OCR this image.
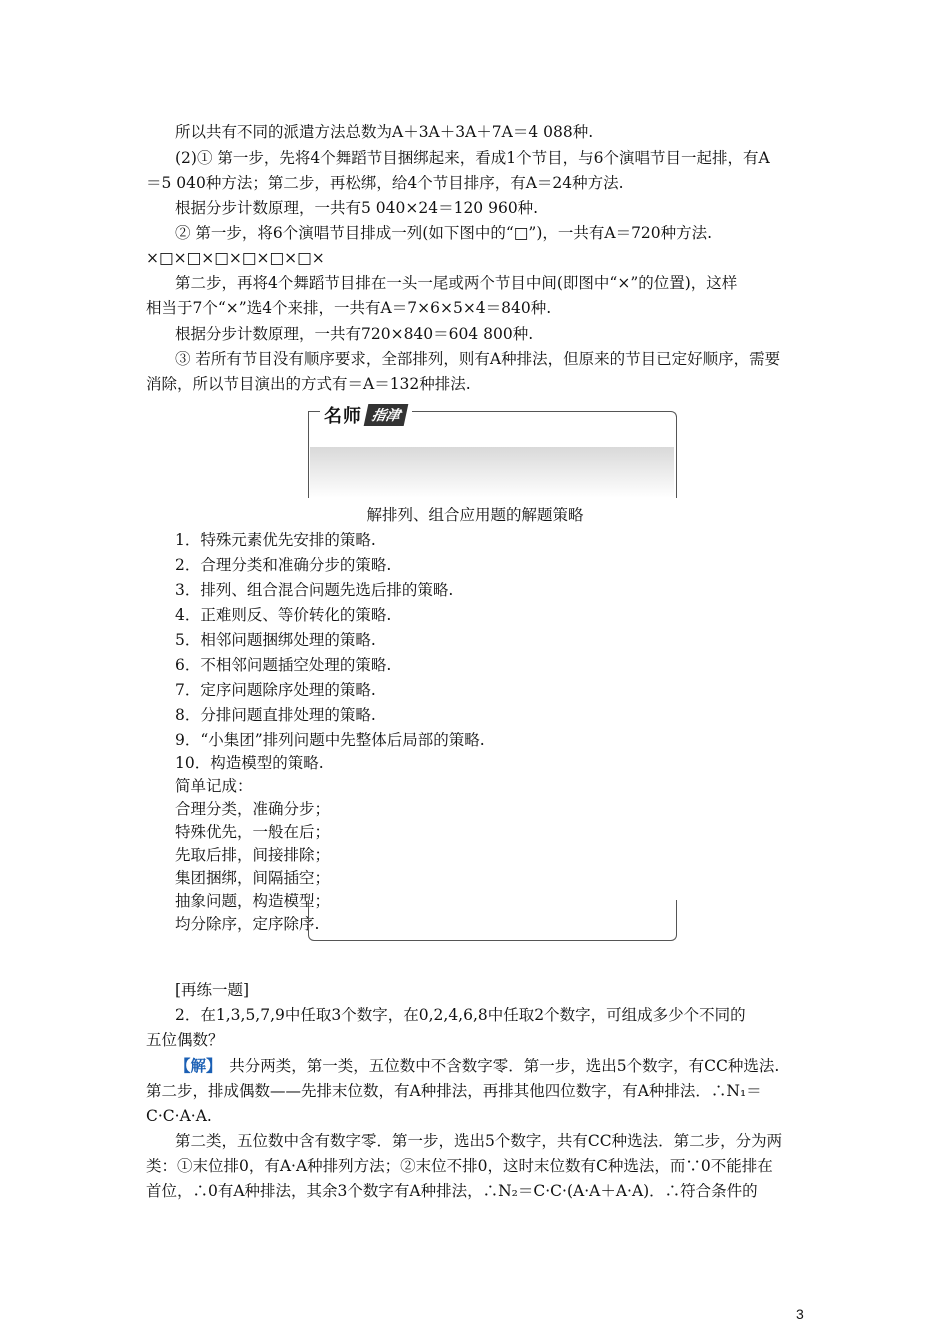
所以共有不同的派遣方法总数为A＋3A＋3A＋7A＝4 088种.
(2)① 第一步，先将4个舞蹈节目捆绑起来，看成1个节目，与6个演唱节目一起排，有A
＝5 040种方法；第二步，再松绑，给4个节目排序，有A＝24种方法.
根据分步计数原理，一共有5 040×24＝120 960种.
② 第一步，将6个演唱节目排成一列(如下图中的“□”)，一共有A＝720种方法.
×□×□×□×□×□×□×
第二步，再将4个舞蹈节目排在一头一尾或两个节目中间(即图中“×”的位置)，这样
相当于7个“×”选4个来排，一共有A＝7×6×5×4＝840种.
根据分步计数原理，一共有720×840＝604 800种.
③ 若所有节目没有顺序要求，全部排列，则有A种排法，但原来的节目已定好顺序，需要
消除，所以节目演出的方式有＝A＝132种排法.
名师 指津
解排列、组合应用题的解题策略
1．特殊元素优先安排的策略.
2．合理分类和准确分步的策略.
3．排列、组合混合问题先选后排的策略.
4．正难则反、等价转化的策略.
5．相邻问题捆绑处理的策略.
6．不相邻问题插空处理的策略.
7．定序问题除序处理的策略.
8．分排问题直排处理的策略.
9．“小集团”排列问题中先整体后局部的策略.
10．构造模型的策略.
简单记成：
合理分类，准确分步；
特殊优先，一般在后；
先取后排，间接排除；
集团捆绑，间隔插空；
抽象问题，构造模型；
均分除序，定序除序.
[再练一题]
2．在1,3,5,7,9中任取3个数字，在0,2,4,6,8中任取2个数字，可组成多少个不同的
五位偶数？
【解】　共分两类，第一类，五位数中不含数字零．第一步，选出5个数字，有CC种选法.
第二步，排成偶数——先排末位数，有A种排法，再排其他四位数字，有A种排法．∴N₁＝
C·C·A·A.
第二类，五位数中含有数字零．第一步，选出5个数字，共有CC种选法．第二步，分为两
类：①末位排0，有A·A种排列方法；②末位不排0，这时末位数有C种选法，而∵0不能排在
首位，∴0有A种排法，其余3个数字有A种排法，∴N₂＝C·C·(A·A＋A·A)．∴符合条件的
3
